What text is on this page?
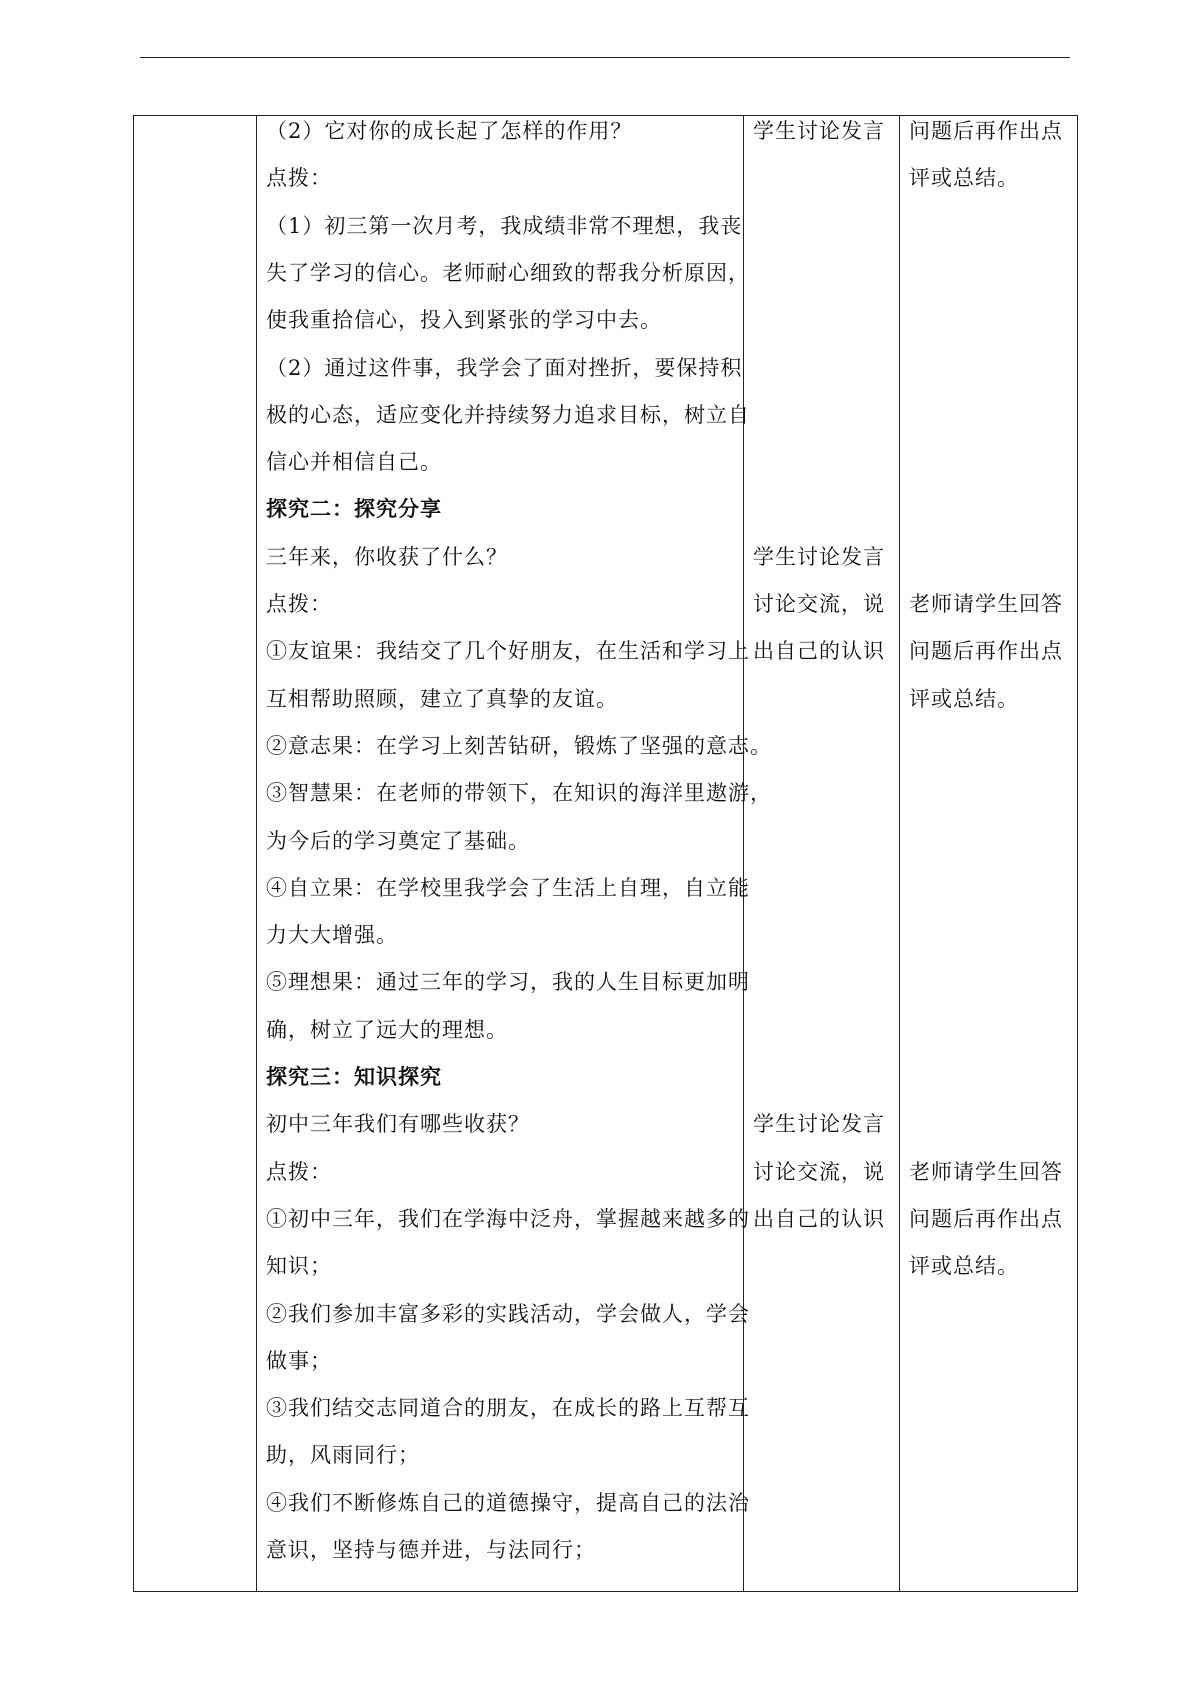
（2）它对你的成长起了怎样的作用？
点拨：
（1）初三第一次月考，我成绩非常不理想，我丧
失了学习的信心。老师耐心细致的帮我分析原因，
使我重拾信心，投入到紧张的学习中去。
（2）通过这件事，我学会了面对挫折，要保持积
极的心态，适应变化并持续努力追求目标，树立自
信心并相信自己。
探究二：探究分享
三年来，你收获了什么？
点拨：
①友谊果：我结交了几个好朋友，在生活和学习上
互相帮助照顾，建立了真挚的友谊。
②意志果：在学习上刻苦钻研，锻炼了坚强的意志。
③智慧果：在老师的带领下，在知识的海洋里遨游，
为今后的学习奠定了基础。
④自立果：在学校里我学会了生活上自理，自立能
力大大增强。
⑤理想果：通过三年的学习，我的人生目标更加明
确，树立了远大的理想。
探究三：知识探究
初中三年我们有哪些收获？
点拨：
①初中三年，我们在学海中泛舟，掌握越来越多的
知识；
②我们参加丰富多彩的实践活动，学会做人，学会
做事；
③我们结交志同道合的朋友，在成长的路上互帮互
助，风雨同行；
④我们不断修炼自己的道德操守，提高自己的法治
意识，坚持与德并进，与法同行；
学生讨论发言
学生讨论发言
讨论交流，说
出自己的认识
学生讨论发言
讨论交流，说
出自己的认识
问题后再作出点
评或总结。
老师请学生回答
问题后再作出点
评或总结。
老师请学生回答
问题后再作出点
评或总结。
